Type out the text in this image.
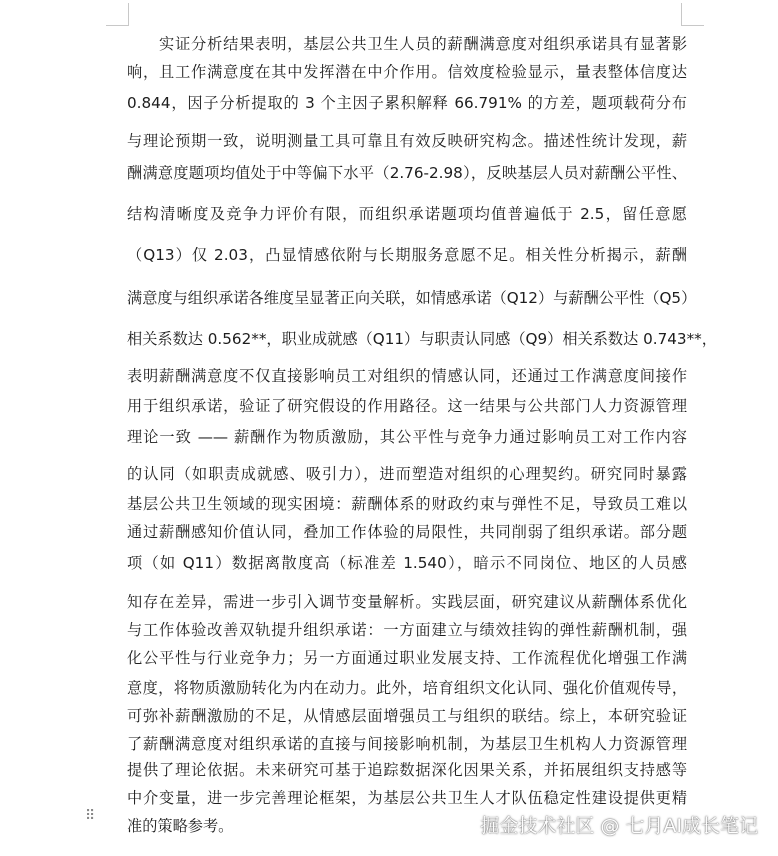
　　实证分析结果表明，基层公共卫生人员的薪酬满意度对组织承诺具有显著影
响，且工作满意度在其中发挥潜在中介作用。信效度检验显示，量表整体信度达
0.844，因子分析提取的 3 个主因子累积解释 66.791% 的方差，题项载荷分布
与理论预期一致，说明测量工具可靠且有效反映研究构念。描述性统计发现，薪
酬满意度题项均值处于中等偏下水平（2.76-2.98），反映基层人员对薪酬公平性、
结构清晰度及竞争力评价有限，而组织承诺题项均值普遍低于 2.5，留任意愿
（Q13）仅 2.03，凸显情感依附与长期服务意愿不足。相关性分析揭示，薪酬
满意度与组织承诺各维度呈显著正向关联，如情感承诺（Q12）与薪酬公平性（Q5）
相关系数达 0.562**，职业成就感（Q11）与职责认同感（Q9）相关系数达 0.743**，
表明薪酬满意度不仅直接影响员工对组织的情感认同，还通过工作满意度间接作
用于组织承诺，验证了研究假设的作用路径。这一结果与公共部门人力资源管理
理论一致 —— 薪酬作为物质激励，其公平性与竞争力通过影响员工对工作内容
的认同（如职责成就感、吸引力），进而塑造对组织的心理契约。研究同时暴露
基层公共卫生领域的现实困境：薪酬体系的财政约束与弹性不足，导致员工难以
通过薪酬感知价值认同，叠加工作体验的局限性，共同削弱了组织承诺。部分题
项（如 Q11）数据离散度高（标准差 1.540），暗示不同岗位、地区的人员感
知存在差异，需进一步引入调节变量解析。实践层面，研究建议从薪酬体系优化
与工作体验改善双轨提升组织承诺：一方面建立与绩效挂钩的弹性薪酬机制，强
化公平性与行业竞争力；另一方面通过职业发展支持、工作流程优化增强工作满
意度，将物质激励转化为内在动力。此外，培育组织文化认同、强化价值观传导，
可弥补薪酬激励的不足，从情感层面增强员工与组织的联结。综上，本研究验证
了薪酬满意度对组织承诺的直接与间接影响机制，为基层卫生机构人力资源管理
提供了理论依据。未来研究可基于追踪数据深化因果关系，并拓展组织支持感等
中介变量，进一步完善理论框架，为基层公共卫生人才队伍稳定性建设提供更精
准的策略参考。
⠿	掘金技术社区 @ 七月AI成长笔记
